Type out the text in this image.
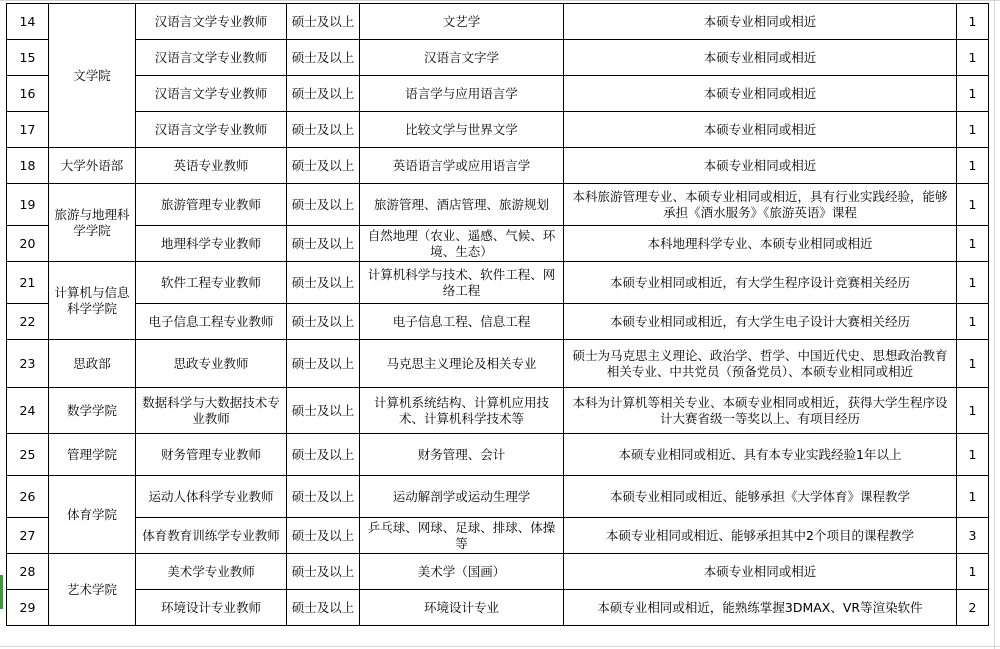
14	文学院	汉语言文学专业教师	硕士及以上	文艺学	本硕专业相同或相近	1
15		汉语言文学专业教师	硕士及以上	汉语言文字学	本硕专业相同或相近	1
16		汉语言文学专业教师	硕士及以上	语言学与应用语言学	本硕专业相同或相近	1
17		汉语言文学专业教师	硕士及以上	比较文学与世界文学	本硕专业相同或相近	1
18	大学外语部	英语专业教师	硕士及以上	英语语言学或应用语言学	本硕专业相同或相近	1
19	旅游与地理科学学院	旅游管理专业教师	硕士及以上	旅游管理、酒店管理、旅游规划	本科旅游管理专业、本硕专业相同或相近，具有行业实践经验，能够承担《酒水服务》《旅游英语》课程	1
20		地理科学专业教师	硕士及以上	自然地理（农业、遥感、气候、环境、生态）	本科地理科学专业、本硕专业相同或相近	1
21	计算机与信息科学学院	软件工程专业教师	硕士及以上	计算机科学与技术、软件工程、网络工程	本硕专业相同或相近，有大学生程序设计竞赛相关经历	1
22		电子信息工程专业教师	硕士及以上	电子信息工程、信息工程	本硕专业相同或相近，有大学生电子设计大赛相关经历	1
23	思政部	思政专业教师	硕士及以上	马克思主义理论及相关专业	硕士为马克思主义理论、政治学、哲学、中国近代史、思想政治教育相关专业、中共党员（预备党员）、本硕专业相同或相近	1
24	数学学院	数据科学与大数据技术专业教师	硕士及以上	计算机系统结构、计算机应用技术、计算机科学技术等	本科为计算机等相关专业、本硕专业相同或相近，获得大学生程序设计大赛省级一等奖以上、有项目经历	1
25	管理学院	财务管理专业教师	硕士及以上	财务管理、会计	本硕专业相同或相近、具有本专业实践经验1年以上	1
26	体育学院	运动人体科学专业教师	硕士及以上	运动解剖学或运动生理学	本硕专业相同或相近、能够承担《大学体育》课程教学	1
27		体育教育训练学专业教师	硕士及以上	乒乓球、网球、足球、排球、体操等	本硕专业相同或相近、能够承担其中2个项目的课程教学	3
28	艺术学院	美术学专业教师	硕士及以上	美术学（国画）	本硕专业相同或相近	1
29		环境设计专业教师	硕士及以上	环境设计专业	本硕专业相同或相近，能熟练掌握3DMAX、VR等渲染软件	2
